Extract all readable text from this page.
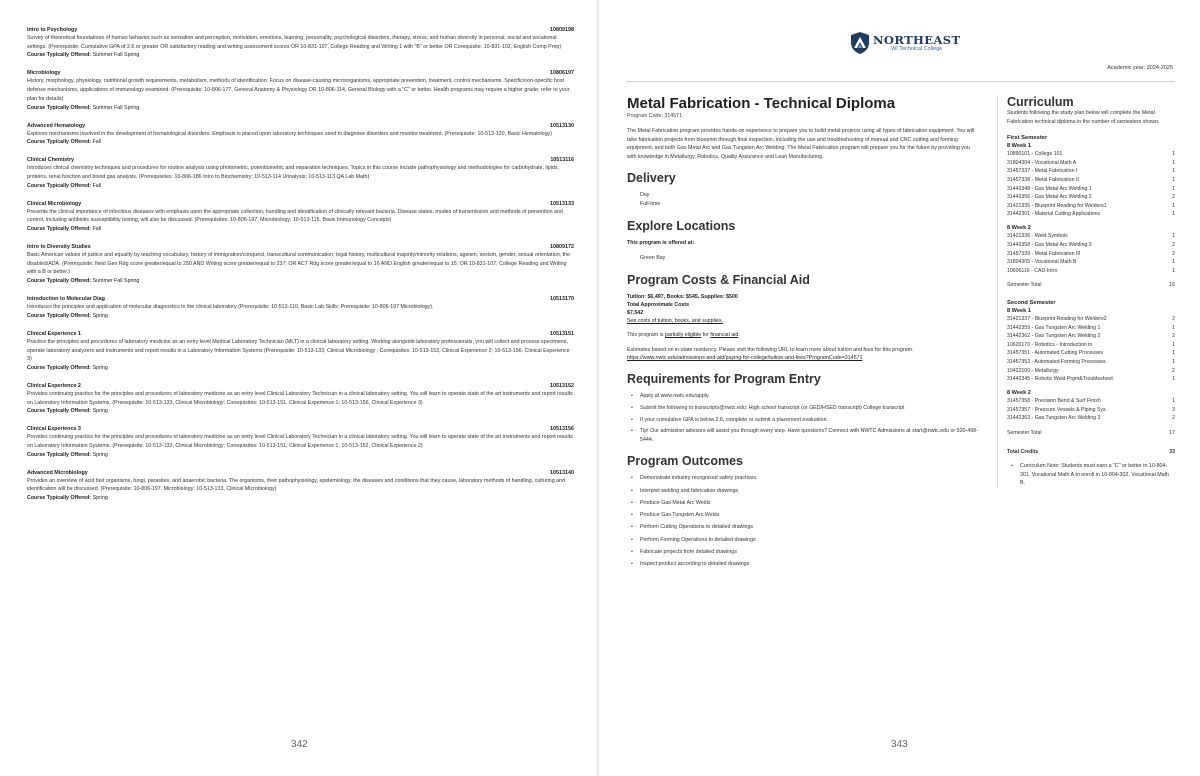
Intro to Psychology	10809198
Survey of theoretical foundations of human behavior such as sensation and perception, motivation, emotions, learning, personality, psychological disorders, therapy, stress, and human diversity in personal, social and vocational settings. (Prerequisite: Cumulative GPA of 2.6 or greater OR satisfactory reading and writing assessment scores OR 10-831-107, College Reading and Writing 1 with "B" or better OR Corequisite: 10-831-102, English Comp Prep)
Course Typically Offered: Summer Fall Spring
Microbiology	10806197
History, morphology, physiology, nutritional growth requirements, metabolism, methods of identification. Focus on disease-causing microorganisms, appropriate prevention, treatment, control mechanisms. Specific/non-specific host defense mechanisms, applications of immunology examined. (Prerequisite: 10-806-177, General Anatomy & Physiology OR 10-806-114, General Biology with a "C" or better. Health programs may require a higher grade; refer to your plan for details)
Course Typically Offered: Summer Fall Spring
Advanced Hematology	10513130
Explores mechanisms involved in the development of hematological disorders. Emphasis is placed upon laboratory techniques used to diagnose disorders and monitor treatment. (Prerequisite: 10-513-120, Basic Hematology)
Course Typically Offered: Fall
Clinical Chemistry	10513116
Introduces clinical chemistry techniques and procedures for routine analysis using photometric, potentiometric and separation techniques. Topics in this course include pathophysiology and methodologies for carbohydrate, lipids, proteins, renal function and blood gas analysis. (Prerequisites: 10-806-186 Intro to Biochemistry; 10-513-114 Urinalysis; 10-513-113 QA Lab Math)
Course Typically Offered: Fall
Clinical Microbiology	10513133
Presents the clinical importance of infectious diseases with emphasis upon the appropriate collection, handling and identification of clinically relevant bacteria. Disease states, modes of transmission and methods of prevention and control, including antibiotic susceptibility testing, will also be discussed. (Prerequisites: 10-806-197, Microbiology; 10-513-115, Basic Immunology Concepts)
Course Typically Offered: Fall
Intro to Diversity Studies	10809172
Basic American values of justice and equality by teaching vocabulary, history of immigration/conquest, transcultural communication, legal history, multicultural majority/minority relations, ageism, sexism, gender, sexual orientation, the disabled/ADA. (Prerequisite: Next Gen Rdg score greater/equal to 250 AND Writing score greater/equal to 237; OR ACT Rdg score greater/equal to 16 AND English greater/equal to 15; OR 10-831-107, College Reading and Writing with a B or better.)
Course Typically Offered: Summer Fall Spring
Introduction to Molecular Diag	10513170
Introduces the principles and application of molecular diagnostics in the clinical laboratory (Prerequisite: 10-513-110, Basic Lab Skills; Prerequisite: 10-806-197 Microbiology).
Course Typically Offered: Spring
Clinical Experience 1	10513151
Practice the principles and procedures of laboratory medicine as an entry level Medical Laboratory Technician (MLT) in a clinical laboratory setting. Working alongside laboratory professionals, you will collect and process specimens, operate laboratory analyzers and instruments and report results in a Laboratory Information Systems (Prerequisite: 10-513-133, Clinical Microbiology ; Corequisites: 10-513-152, Clinical Experience 2; 10-513-156, Clinical Experience 3)
Course Typically Offered: Spring
Clinical Experience 2	10513152
Provides continuing practice for the principles and procedures of laboratory medicine as an entry level Clinical Laboratory Technician in a clinical laboratory setting. You will learn to operate state of the art instruments and report results on Laboratory Information Systems. (Prerequisite: 10-513-133, Clinical Microbiology; Corequisites: 10-513-151, Clinical Experience 1; 10-513-156, Clinical Experience 3)
Course Typically Offered: Spring
Clinical Experience 3	10513156
Provides continuing practice for the principles and procedures of laboratory medicine as an entry level Clinical Laboratory Technician in a clinical laboratory setting. You will learn to operate state of the art instruments and report results on Laboratory Information Systems. (Prerequisite: 10-513-133, Clinical Microbiology; Corequisites: 10-513-151, Clinical Experience 1; 10-513-152, Clinical Experience 2)
Course Typically Offered: Spring
Advanced Microbiology	10513140
Provides an overview of acid fast organisms, fungi, parasites, and anaerobic bacteria. The organisms, their pathophysiology, epidemiology, the diseases and conditions that they cause, laboratory methods of handling, culturing and identification will be discussed. (Prerequisite: 10-806-197, Microbiology; 10-513-133, Clinical Microbiology)
Course Typically Offered: Spring
342
NORTHEAST
WI Technical College
Academic year: 2024-2025
Metal Fabrication - Technical Diploma
Program Code: 314571

The Metal Fabrication program provides hands-on experience to prepare you to build metal projects using all types of fabrication equipment. You will take fabrication projects from blueprint through final inspection, including the use and troubleshooting of manual and CNC cutting and forming equipment, and both Gas Metal Arc and Gas Tungsten Arc Welding. The Metal Fabrication program will prepare you for the future by providing you with knowledge in Metallurgy, Robotics, Quality Assurance and Lean Manufacturing.

Delivery
Day
Full-time
Explore Locations
This program is offered at:
Green Bay
Program Costs & Financial Aid
Tuition: $6,497, Books: $545, Supplies: $500
Total Approximate Costs
$7,542
See costs of tuition, books, and supplies.
This program is partially eligible for financial aid.
Estimates based on in-state residency. Please visit the following URL to learn more about tuition and fees for this program.
https://www.nwtc.edu/admissions-and-aid/paying-for-college/tuition-and-fees?ProgramCode=314571
Requirements for Program Entry
• Apply at www.nwtc.edu/apply.
• Submit the following to transcripts@nwtc.edu: High school transcript (or GED/HSED transcript) College transcript
• If your cumulative GPA is below 2.6, complete or submit a placement evaluation.
• Tip! Our admission advisors will assist you through every step. Have questions? Connect with NWTC Admissions at start@nwtc.edu or 920-498-5444.
Program Outcomes
• Demonstrate industry recognized safety practices.
• Interpret welding and fabrication drawings
• Produce Gas Metal Arc Welds
• Produce Gas Tungsten Arc Welds
• Perform Cutting Operations to detailed drawings
• Perform Forming Operations to detailed drawings
• Fabricate projects from detailed drawings
• Inspect product according to detailed drawings
Curriculum

Students following the study plan below will complete the Metal Fabrication technical diploma in the number of semesters shown.

First Semester
8 Week 1
10890101 - College 101	1
31804304 - Vocational Math A	1
31457337 - Metal Fabrication I	1
31457338 - Metal Fabrication II	1
31442348 - Gas Metal Arc Welding 1	1
31442356 - Gas Metal Arc Welding 2	2
31421335 - Blueprint Reading for Welders1	1
31442301 - Material Cutting Applications	1
8 Week 2
31421336 - Weld Symbols	1
31442358 - Gas Metal Arc Welding 3	2
31457339 - Metal Fabrication III	2
31804305 - Vocational Math B	1
10606116 - CAD-Intro	1
Semester Total	16
Second Semester
8 Week 1
31421337 - Blueprint Reading for Welders2	2
31442359 - Gas Tungsten Arc Welding 1	1
31442362 - Gas Tungsten Arc Welding 2	2
10620170 - Robotics - Introduction to	1
31457351 - Automated Cutting Processes	1
31457352 - Automated Forming Processes	1
10422100 - Metallurgy	2
31442345 - Robotic Weld Prgm&Troubleshoot	1
8 Week 2
31457358 - Precision Bend & Surf Finish	1
31457357 - Pressure Vessels & Piping Sys	3
31442363 - Gas Tungsten Arc Welding 3	2
Semester Total	17
Total Credits	33
• Curriculum Note: Students must earn a "C" or better in 10-804-301, Vocational Math A to enroll in 10-804-302, Vocational Math B.
343
